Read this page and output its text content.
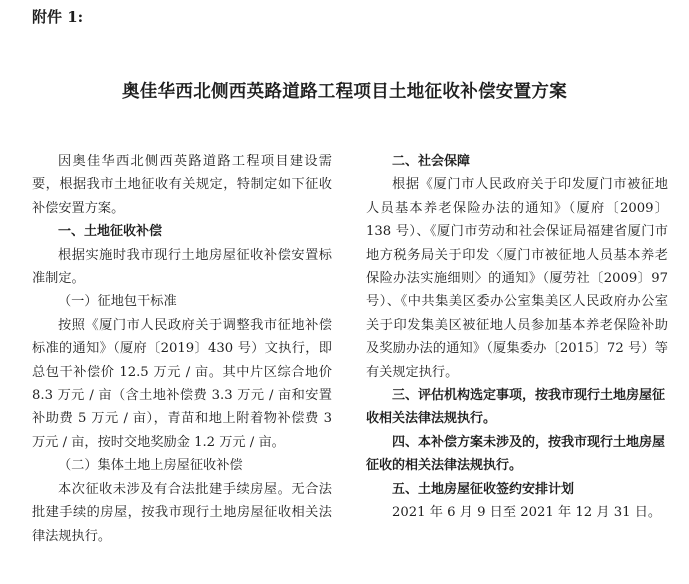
附件 1:
奥佳华西北侧西英路道路工程项目土地征收补偿安置方案

因奥佳华西北侧西英路道路工程项目建设需要，根据我市土地征收有关规定，特制定如下征收补偿安置方案。

一、土地征收补偿

根据实施时我市现行土地房屋征收补偿安置标准制定。

（一）征地包干标准

按照《厦门市人民政府关于调整我市征地补偿标准的通知》（厦府〔2019〕430 号）文执行，即总包干补偿价 12.5 万元 / 亩。其中片区综合地价 8.3 万元 / 亩（含土地补偿费 3.3 万元 / 亩和安置补助费 5 万元 / 亩），青苗和地上附着物补偿费 3 万元 / 亩，按时交地奖励金 1.2 万元 / 亩。

（二）集体土地上房屋征收补偿

本次征收未涉及有合法批建手续房屋。无合法批建手续的房屋，按我市现行土地房屋征收相关法律法规执行。

二、社会保障

根据《厦门市人民政府关于印发厦门市被征地人员基本养老保险办法的通知》（厦府〔2009〕138 号）、《厦门市劳动和社会保证局福建省厦门市地方税务局关于印发〈厦门市被征地人员基本养老保险办法实施细则〉的通知》（厦劳社〔2009〕97 号）、《中共集美区委办公室集美区人民政府办公室关于印发集美区被征地人员参加基本养老保险补助及奖励办法的通知》（厦集委办〔2015〕72 号）等有关规定执行。

三、评估机构选定事项，按我市现行土地房屋征收相关法律法规执行。

四、本补偿方案未涉及的，按我市现行土地房屋征收的相关法律法规执行。

五、土地房屋征收签约安排计划

2021 年 6 月 9 日至 2021 年 12 月 31 日。
